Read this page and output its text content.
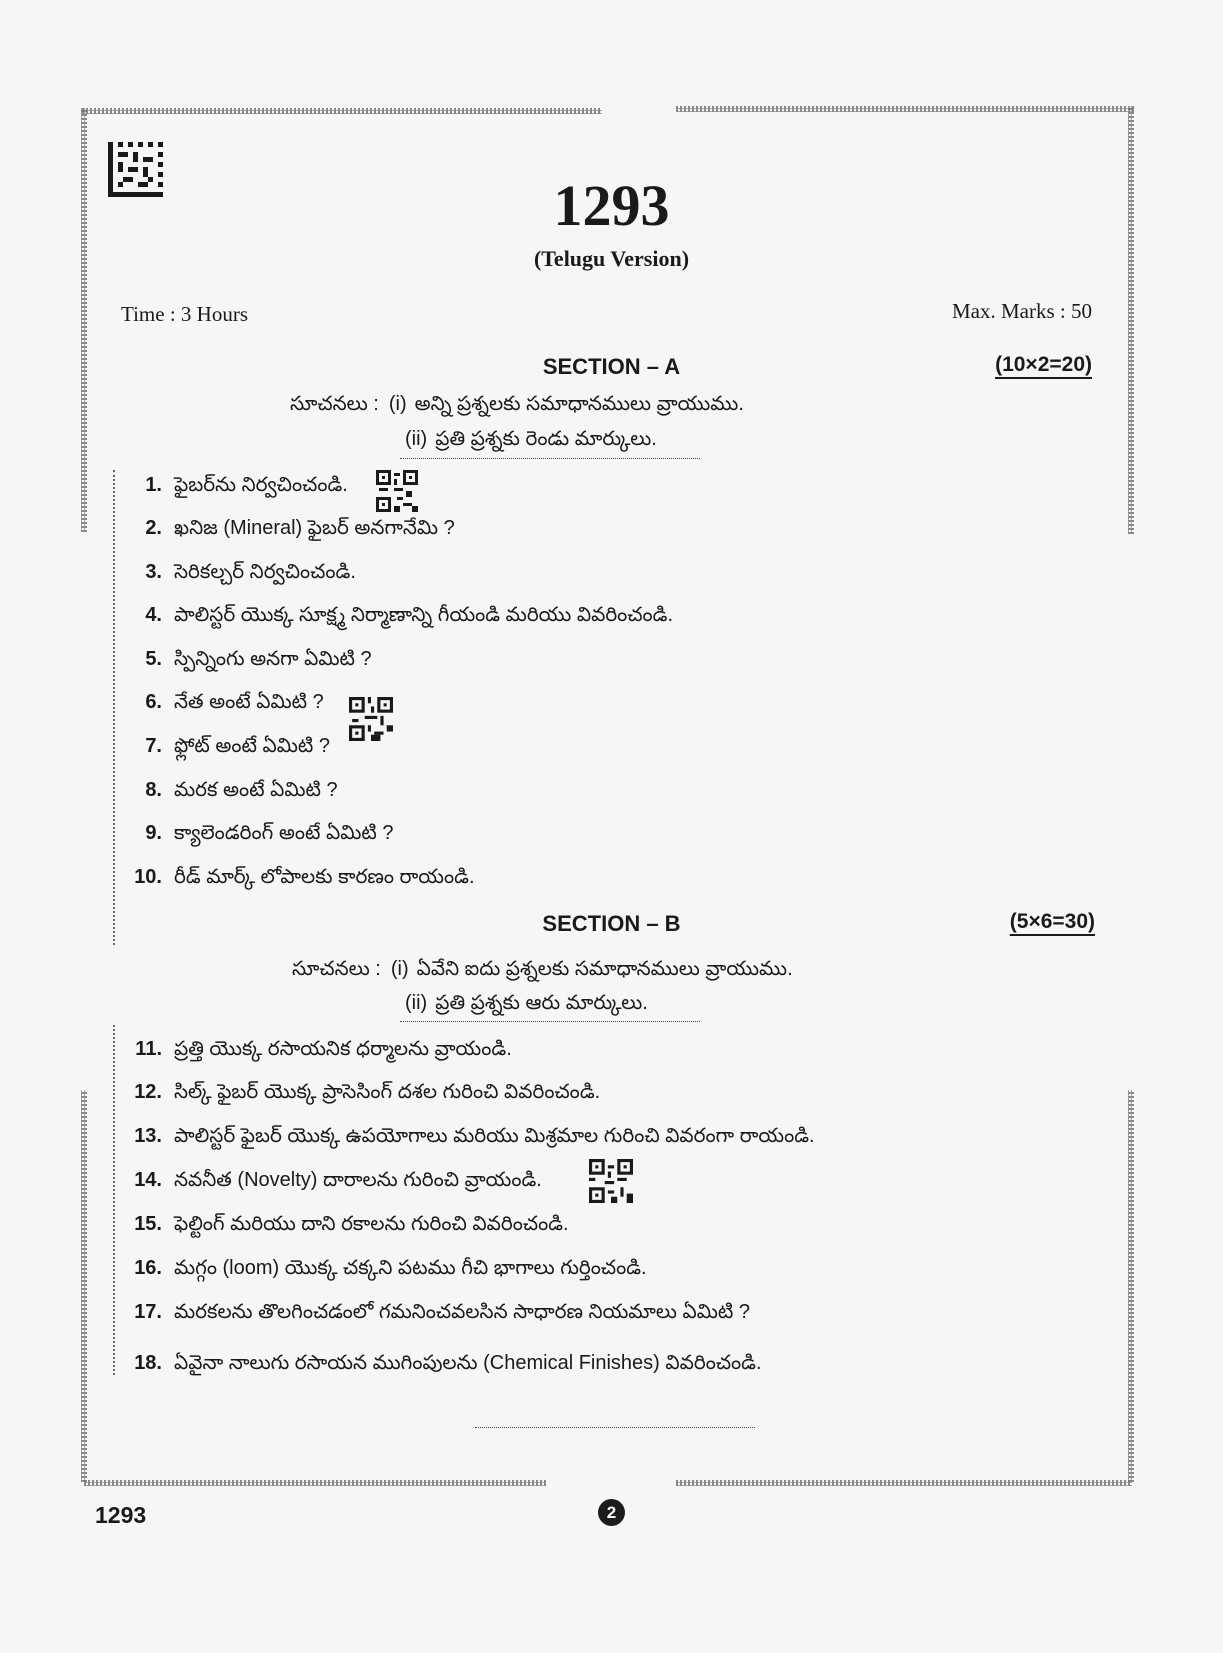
1293
(Telugu Version)
Time : 3 Hours	Max. Marks : 50
SECTION – A	(10×2=20)
సూచనలు : (i) అన్ని ప్రశ్నలకు సమాధానములు వ్రాయుము.
(ii) ప్రతి ప్రశ్నకు రెండు మార్కులు.
1. ఫైబర్‌ను నిర్వచించండి.
2. ఖనిజ (Mineral) ఫైబర్ అనగానేమి ?
3. సెరికల్చర్ నిర్వచించండి.
4. పాలిస్టర్ యొక్క సూక్ష్మ నిర్మాణాన్ని గీయండి మరియు వివరించండి.
5. స్పిన్నింగు అనగా ఏమిటి ?
6. నేత అంటే ఏమిటి ?
7. ఫ్లోట్ అంటే ఏమిటి ?
8. మరక అంటే ఏమిటి ?
9. క్యాలెండరింగ్ అంటే ఏమిటి ?
10. రీడ్ మార్క్ లోపాలకు కారణం రాయండి.
SECTION – B	(5×6=30)
సూచనలు : (i) ఏవేని ఐదు ప్రశ్నలకు సమాధానములు వ్రాయుము.
(ii) ప్రతి ప్రశ్నకు ఆరు మార్కులు.
11. ప్రత్తి యొక్క రసాయనిక ధర్మాలను వ్రాయండి.
12. సిల్క్ ఫైబర్ యొక్క ప్రాసెసింగ్ దశల గురించి వివరించండి.
13. పాలిస్టర్ ఫైబర్ యొక్క ఉపయోగాలు మరియు మిశ్రమాల గురించి వివరంగా రాయండి.
14. నవనీత (Novelty) దారాలను గురించి వ్రాయండి.
15. ఫెల్టింగ్ మరియు దాని రకాలను గురించి వివరించండి.
16. మగ్గం (loom) యొక్క చక్కని పటము గీచి భాగాలు గుర్తించండి.
17. మరకలను తొలగించడంలో గమనించవలసిన సాధారణ నియమాలు ఏమిటి ?
18. ఏవైనా నాలుగు రసాయన ముగింపులను (Chemical Finishes) వివరించండి.
1293	2
